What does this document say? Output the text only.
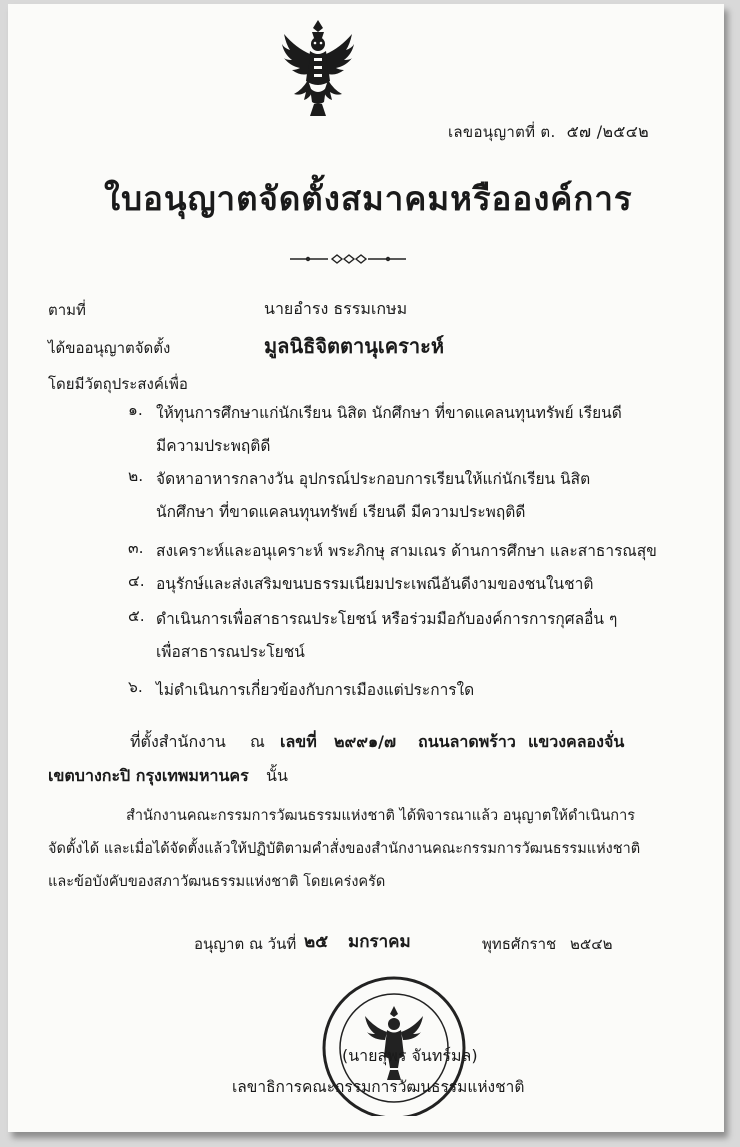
เลขอนุญาตที่ ต. ๕๗ /๒๕๔๒
ใบอนุญาตจัดตั้งสมาคมหรือองค์การ
ตามที่	นายอำรง ธรรมเกษม
ได้ขออนุญาตจัดตั้ง	มูลนิธิจิตตานุเคราะห์
โดยมีวัตถุประสงค์เพื่อ
๑. ให้ทุนการศึกษาแก่นักเรียน นิสิต นักศึกษา ที่ขาดแคลนทุนทรัพย์ เรียนดี
มีความประพฤติดี
๒. จัดหาอาหารกลางวัน อุปกรณ์ประกอบการเรียนให้แก่นักเรียน นิสิต
นักศึกษา ที่ขาดแคลนทุนทรัพย์ เรียนดี มีความประพฤติดี
๓. สงเคราะห์และอนุเคราะห์ พระภิกษุ สามเณร ด้านการศึกษา และสาธารณสุข
๔. อนุรักษ์และส่งเสริมขนบธรรมเนียมประเพณีอันดีงามของชนในชาติ
๕. ดำเนินการเพื่อสาธารณประโยชน์ หรือร่วมมือกับองค์การการกุศลอื่น ๆ
เพื่อสาธารณประโยชน์
๖. ไม่ดำเนินการเกี่ยวข้องกับการเมืองแต่ประการใด
ที่ตั้งสำนักงาน ณ เลขที่ ๒๙๙๑/๗ ถนนลาดพร้าว แขวงคลองจั่น
เขตบางกะปิ กรุงเทพมหานคร นั้น
สำนักงานคณะกรรมการวัฒนธรรมแห่งชาติ ได้พิจารณาแล้ว อนุญาตให้ดำเนินการ
จัดตั้งได้ และเมื่อได้จัดตั้งแล้วให้ปฏิบัติตามคำสั่งของสำนักงานคณะกรรมการวัฒนธรรมแห่งชาติ
และข้อบังคับของสภาวัฒนธรรมแห่งชาติ โดยเคร่งครัด
อนุญาต ณ วันที่ ๒๕ มกราคม	พุทธศักราช ๒๕๔๒
(นายสุพร จันทร์มล)
เลขาธิการคณะกรรมการวัฒนธรรมแห่งชาติ
